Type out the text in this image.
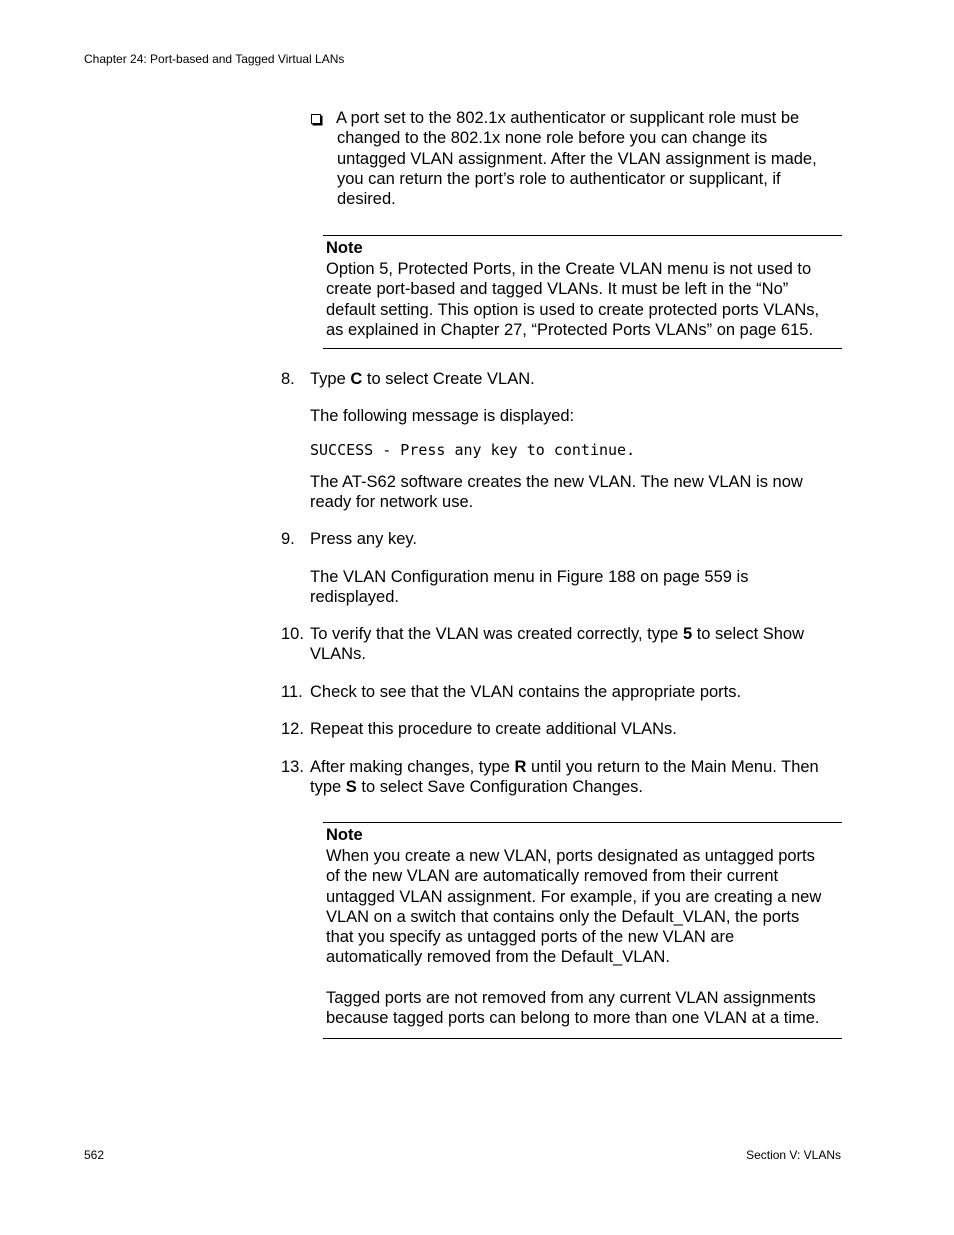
Chapter 24: Port-based and Tagged Virtual LANs
A port set to the 802.1x authenticator or supplicant role must be
changed to the 802.1x none role before you can change its
untagged VLAN assignment. After the VLAN assignment is made,
you can return the port’s role to authenticator or supplicant, if
desired.
Note
Option 5, Protected Ports, in the Create VLAN menu is not used to
create port-based and tagged VLANs. It must be left in the “No”
default setting. This option is used to create protected ports VLANs,
as explained in Chapter 27, “Protected Ports VLANs” on page 615.
8. Type C to select Create VLAN.
The following message is displayed:
SUCCESS - Press any key to continue.
The AT-S62 software creates the new VLAN. The new VLAN is now
ready for network use.
9. Press any key.
The VLAN Configuration menu in Figure 188 on page 559 is
redisplayed.
10. To verify that the VLAN was created correctly, type 5 to select Show
VLANs.
11. Check to see that the VLAN contains the appropriate ports.
12. Repeat this procedure to create additional VLANs.
13. After making changes, type R until you return to the Main Menu. Then
type S to select Save Configuration Changes.
Note
When you create a new VLAN, ports designated as untagged ports
of the new VLAN are automatically removed from their current
untagged VLAN assignment. For example, if you are creating a new
VLAN on a switch that contains only the Default_VLAN, the ports
that you specify as untagged ports of the new VLAN are
automatically removed from the Default_VLAN.
Tagged ports are not removed from any current VLAN assignments
because tagged ports can belong to more than one VLAN at a time.
562	Section V: VLANs
